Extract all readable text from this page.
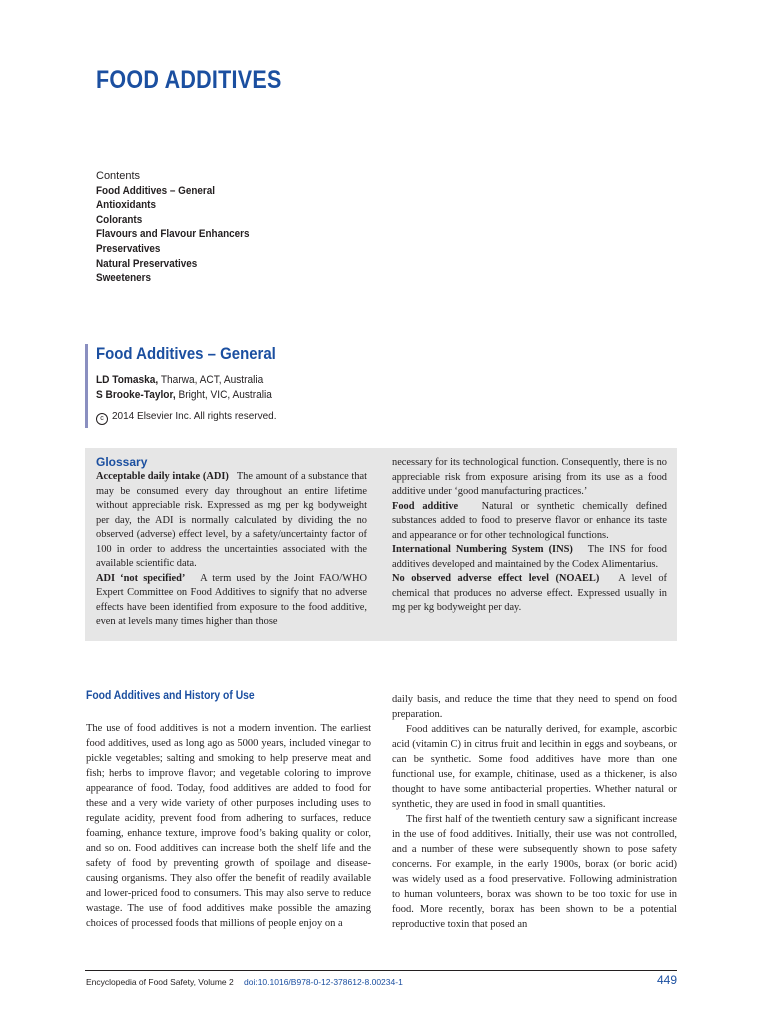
FOOD ADDITIVES
Contents
Food Additives – General
Antioxidants
Colorants
Flavours and Flavour Enhancers
Preservatives
Natural Preservatives
Sweeteners
Food Additives – General
LD Tomaska, Tharwa, ACT, Australia
S Brooke-Taylor, Bright, VIC, Australia
c 2014 Elsevier Inc. All rights reserved.
Glossary
Acceptable daily intake (ADI) The amount of a substance that may be consumed every day throughout an entire lifetime without appreciable risk. Expressed as mg per kg bodyweight per day, the ADI is normally calculated by dividing the no observed (adverse) effect level, by a safety/uncertainty factor of 100 in order to address the uncertainties associated with the available scientific data.
ADI ‘not specified’ A term used by the Joint FAO/WHO Expert Committee on Food Additives to signify that no adverse effects have been identified from exposure to the food additive, even at levels many times higher than those
necessary for its technological function. Consequently, there is no appreciable risk from exposure arising from its use as a food additive under ‘good manufacturing practices.’
Food additive Natural or synthetic chemically defined substances added to food to preserve flavor or enhance its taste and appearance or for other technological functions.
International Numbering System (INS) The INS for food additives developed and maintained by the Codex Alimentarius.
No observed adverse effect level (NOAEL) A level of chemical that produces no adverse effect. Expressed usually in mg per kg bodyweight per day.
Food Additives and History of Use

The use of food additives is not a modern invention. The earliest food additives, used as long ago as 5000 years, included vinegar to pickle vegetables; salting and smoking to help preserve meat and fish; herbs to improve flavor; and vegetable coloring to improve appearance of food. Today, food additives are added to food for these and a very wide variety of other purposes including uses to regulate acidity, prevent food from adhering to surfaces, reduce foaming, enhance texture, improve food’s baking quality or color, and so on. Food additives can increase both the shelf life and the safety of food by preventing growth of spoilage and disease-causing organisms. They also offer the benefit of readily available and lower-priced food to consumers. This may also serve to reduce wastage. The use of food additives make possible the amazing choices of processed foods that millions of people enjoy on a

daily basis, and reduce the time that they need to spend on food preparation.

Food additives can be naturally derived, for example, ascorbic acid (vitamin C) in citrus fruit and lecithin in eggs and soybeans, or can be synthetic. Some food additives have more than one functional use, for example, chitinase, used as a thickener, is also thought to have some antibacterial properties. Whether natural or synthetic, they are used in food in small quantities.

The first half of the twentieth century saw a significant increase in the use of food additives. Initially, their use was not controlled, and a number of these were subsequently shown to pose safety concerns. For example, in the early 1900s, borax (or boric acid) was widely used as a food preservative. Following administration to human volunteers, borax was shown to be too toxic for use in food. More recently, borax has been shown to be a potential reproductive toxin that posed an

Encyclopedia of Food Safety, Volume 2 doi:10.1016/B978-0-12-378612-8.00234-1	449
